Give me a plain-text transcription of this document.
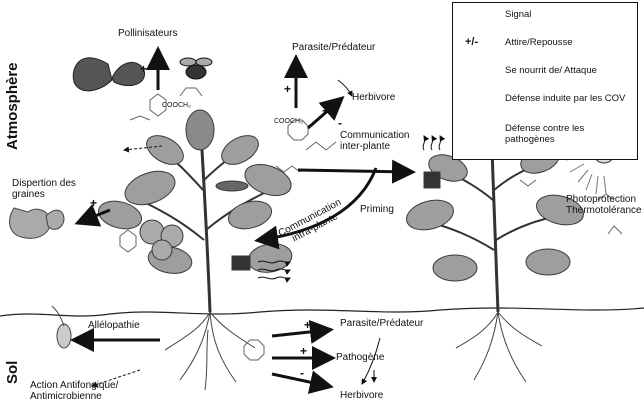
Signal
+/-	Attire/Repousse
Se nourrit de/ Attaque
Défense induite par les COV
Défense contre les pathogènes
Atmosphère
Sol
Pollinisateurs
Parasite/Prédateur
Herbivore
Communication inter-plante
Communication intra-plante
Priming
Dispertion des graines	Photoprotection Thermotolérance
Allélopathie
Action Antifongique/ Antimicrobienne
Parasite/Prédateur
Pathogène
Herbivore
COOCH₃
COOCH₃
+
+
+
-
+
+
+
-
